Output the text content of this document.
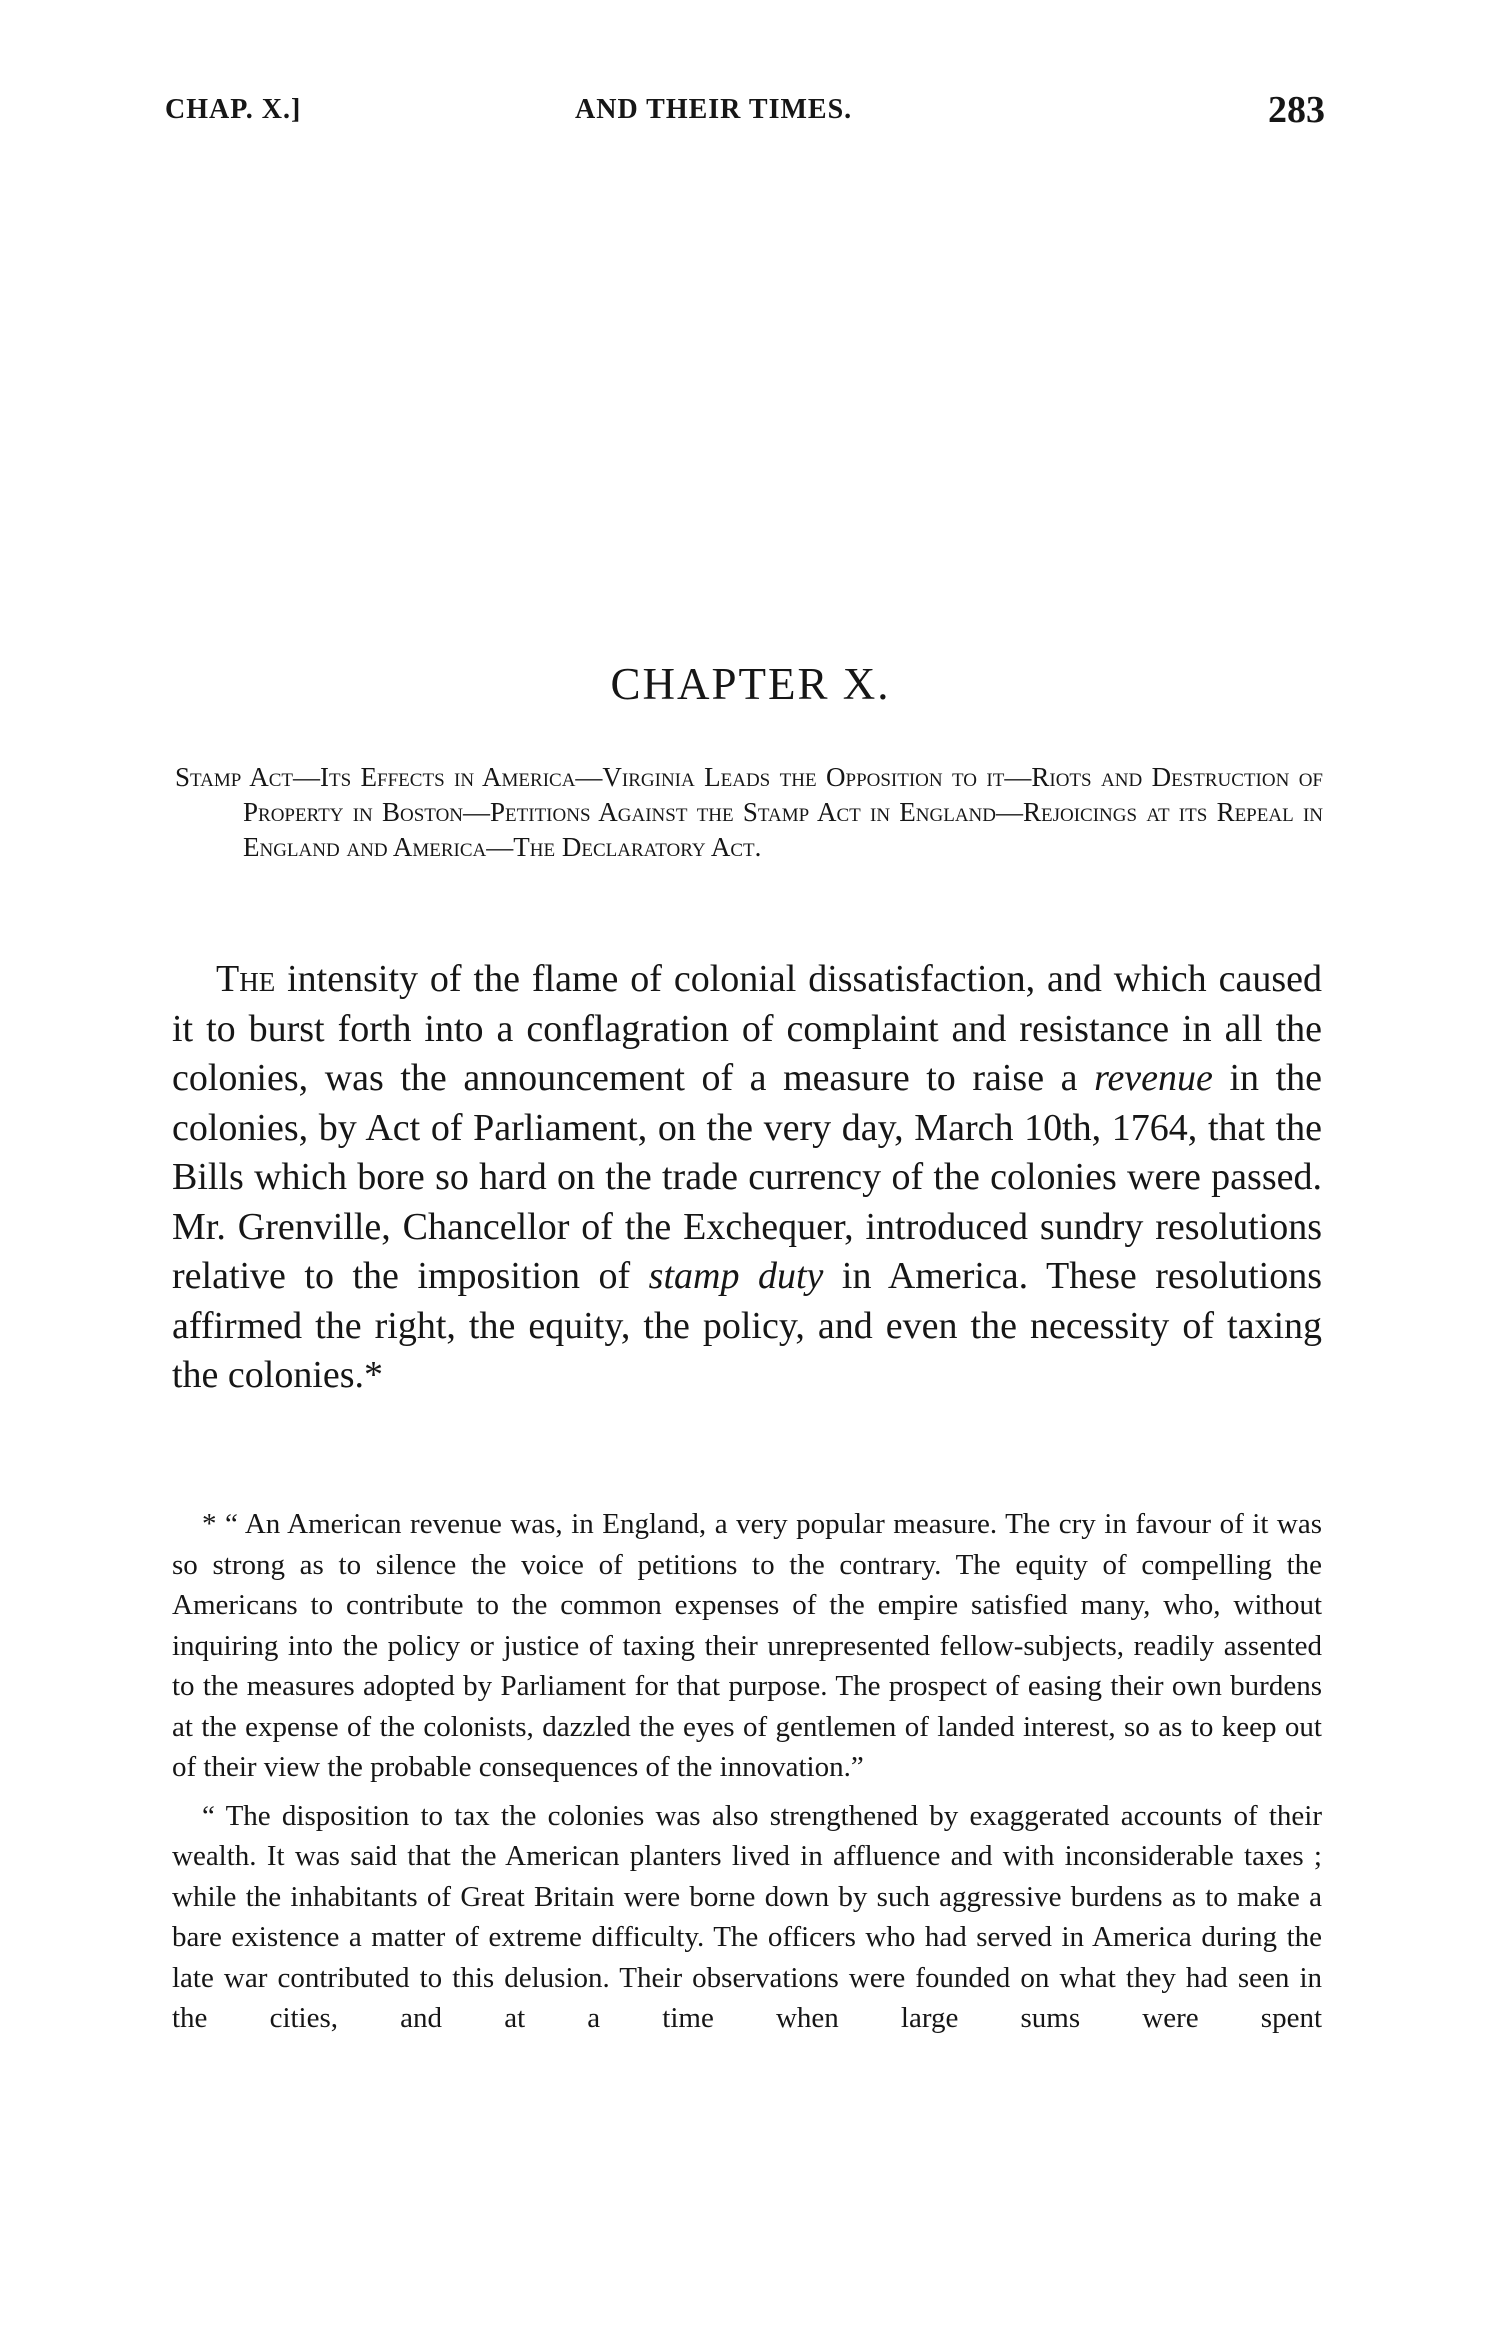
CHAP. X.]	AND THEIR TIMES.	283
CHAPTER X.
Stamp Act—Its Effects in America—Virginia Leads the Opposition to it—Riots and Destruction of Property in Boston—Petitions Against the Stamp Act in England—Rejoicings at its Repeal in England and America—The Declaratory Act.

The intensity of the flame of colonial dissatisfaction, and which caused it to burst forth into a conflagration of complaint and resistance in all the colonies, was the announcement of a measure to raise a revenue in the colonies, by Act of Parliament, on the very day, March 10th, 1764, that the Bills which bore so hard on the trade currency of the colonies were passed. Mr. Grenville, Chancellor of the Exchequer, introduced sundry resolutions relative to the imposition of stamp duty in America. These resolutions affirmed the right, the equity, the policy, and even the necessity of taxing the colonies.*

* “ An American revenue was, in England, a very popular measure. The cry in favour of it was so strong as to silence the voice of petitions to the contrary. The equity of compelling the Americans to contribute to the common expenses of the empire satisfied many, who, without inquiring into the policy or justice of taxing their unrepresented fellow-subjects, readily assented to the measures adopted by Parliament for that purpose. The prospect of easing their own burdens at the expense of the colonists, dazzled the eyes of gentlemen of landed interest, so as to keep out of their view the probable consequences of the innovation.”

“ The disposition to tax the colonies was also strengthened by exaggerated accounts of their wealth. It was said that the American planters lived in affluence and with inconsiderable taxes ; while the inhabitants of Great Britain were borne down by such aggressive burdens as to make a bare existence a matter of extreme difficulty. The officers who had served in America during the late war contributed to this delusion. Their observations were founded on what they had seen in the cities, and at a time when large sums were spent
